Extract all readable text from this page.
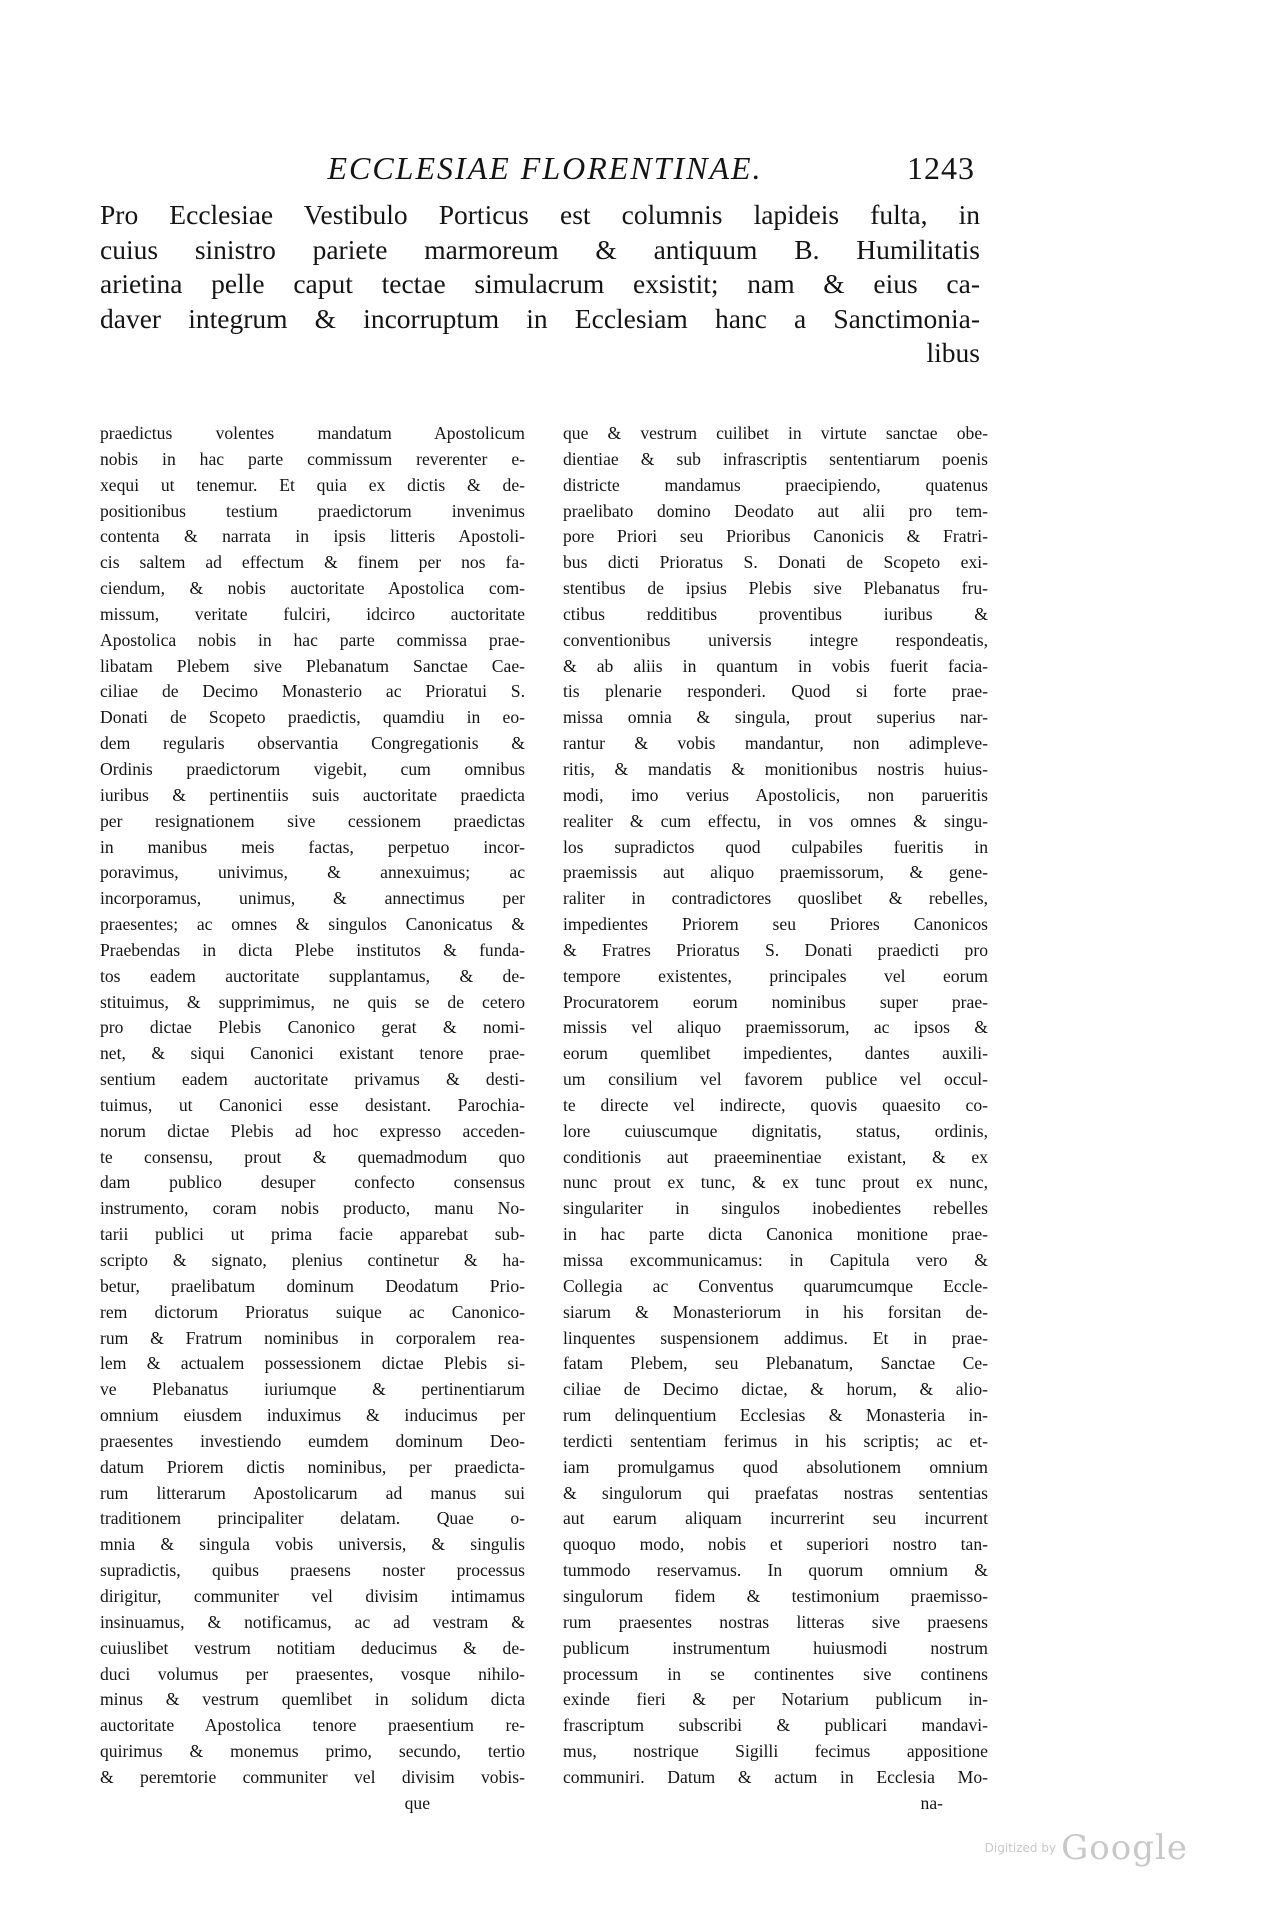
ECCLESIAE FLORENTINAE.	1243
Pro Ecclesiae Vestibulo Porticus est columnis lapideis fulta, in
cuius sinistro pariete marmoreum & antiquum B. Humilitatis
arietina pelle caput tectae simulacrum exsistit; nam & eius ca-
daver integrum & incorruptum in Ecclesiam hanc a Sanctimonia-
libus
praedictus volentes mandatum Apostolicum
nobis in hac parte commissum reverenter e-
xequi ut tenemur. Et quia ex dictis & de-
positionibus testium praedictorum invenimus
contenta & narrata in ipsis litteris Apostoli-
cis saltem ad effectum & finem per nos fa-
ciendum, & nobis auctoritate Apostolica com-
missum, veritate fulciri, idcirco auctoritate
Apostolica nobis in hac parte commissa prae-
libatam Plebem sive Plebanatum Sanctae Cae-
ciliae de Decimo Monasterio ac Prioratui S.
Donati de Scopeto praedictis, quamdiu in eo-
dem regularis observantia Congregationis &
Ordinis praedictorum vigebit, cum omnibus
iuribus & pertinentiis suis auctoritate praedicta
per resignationem sive cessionem praedictas
in manibus meis factas, perpetuo incor-
poravimus, univimus, & annexuimus; ac
incorporamus, unimus, & annectimus per
praesentes; ac omnes & singulos Canonicatus &
Praebendas in dicta Plebe institutos & funda-
tos eadem auctoritate supplantamus, & de-
stituimus, & supprimimus, ne quis se de cetero
pro dictae Plebis Canonico gerat & nomi-
net, & siqui Canonici existant tenore prae-
sentium eadem auctoritate privamus & desti-
tuimus, ut Canonici esse desistant. Parochia-
norum dictae Plebis ad hoc expresso acceden-
te consensu, prout & quemadmodum quo
dam publico desuper confecto consensus
instrumento, coram nobis producto, manu No-
tarii publici ut prima facie apparebat sub-
scripto & signato, plenius continetur & ha-
betur, praelibatum dominum Deodatum Prio-
rem dictorum Prioratus suique ac Canonico-
rum & Fratrum nominibus in corporalem rea-
lem & actualem possessionem dictae Plebis si-
ve Plebanatus iuriumque & pertinentiarum
omnium eiusdem induximus & inducimus per
praesentes investiendo eumdem dominum Deo-
datum Priorem dictis nominibus, per praedicta-
rum litterarum Apostolicarum ad manus sui
traditionem principaliter delatam. Quae o-
mnia & singula vobis universis, & singulis
supradictis, quibus praesens noster processus
dirigitur, communiter vel divisim intimamus
insinuamus, & notificamus, ac ad vestram &
cuiuslibet vestrum notitiam deducimus & de-
duci volumus per praesentes, vosque nihilo-
minus & vestrum quemlibet in solidum dicta
auctoritate Apostolica tenore praesentium re-
quirimus & monemus primo, secundo, tertio
& peremtorie communiter vel divisim vobis-
que
que & vestrum cuilibet in virtute sanctae obe-
dientiae & sub infrascriptis sententiarum poenis
districte mandamus praecipiendo, quatenus
praelibato domino Deodato aut alii pro tem-
pore Priori seu Prioribus Canonicis & Fratri-
bus dicti Prioratus S. Donati de Scopeto exi-
stentibus de ipsius Plebis sive Plebanatus fru-
ctibus redditibus proventibus iuribus &
conventionibus universis integre respondeatis,
& ab aliis in quantum in vobis fuerit facia-
tis plenarie responderi. Quod si forte prae-
missa omnia & singula, prout superius nar-
rantur & vobis mandantur, non adimpleve-
ritis, & mandatis & monitionibus nostris huius-
modi, imo verius Apostolicis, non parueritis
realiter & cum effectu, in vos omnes & singu-
los supradictos quod culpabiles fueritis in
praemissis aut aliquo praemissorum, & gene-
raliter in contradictores quoslibet & rebelles,
impedientes Priorem seu Priores Canonicos
& Fratres Prioratus S. Donati praedicti pro
tempore existentes, principales vel eorum
Procuratorem eorum nominibus super prae-
missis vel aliquo praemissorum, ac ipsos &
eorum quemlibet impedientes, dantes auxili-
um consilium vel favorem publice vel occul-
te directe vel indirecte, quovis quaesito co-
lore cuiuscumque dignitatis, status, ordinis,
conditionis aut praeeminentiae existant, & ex
nunc prout ex tunc, & ex tunc prout ex nunc,
singulariter in singulos inobedientes rebelles
in hac parte dicta Canonica monitione prae-
missa excommunicamus: in Capitula vero &
Collegia ac Conventus quarumcumque Eccle-
siarum & Monasteriorum in his forsitan de-
linquentes suspensionem addimus. Et in prae-
fatam Plebem, seu Plebanatum, Sanctae Ce-
ciliae de Decimo dictae, & horum, & alio-
rum delinquentium Ecclesias & Monasteria in-
terdicti sententiam ferimus in his scriptis; ac et-
iam promulgamus quod absolutionem omnium
& singulorum qui praefatas nostras sententias
aut earum aliquam incurrerint seu incurrent
quoquo modo, nobis et superiori nostro tan-
tummodo reservamus. In quorum omnium &
singulorum fidem & testimonium praemisso-
rum praesentes nostras litteras sive praesens
publicum instrumentum huiusmodi nostrum
processum in se continentes sive continens
exinde fieri & per Notarium publicum in-
frascriptum subscribi & publicari mandavi-
mus, nostrique Sigilli fecimus appositione
communiri. Datum & actum in Ecclesia Mo-
na-
Digitized by Google
